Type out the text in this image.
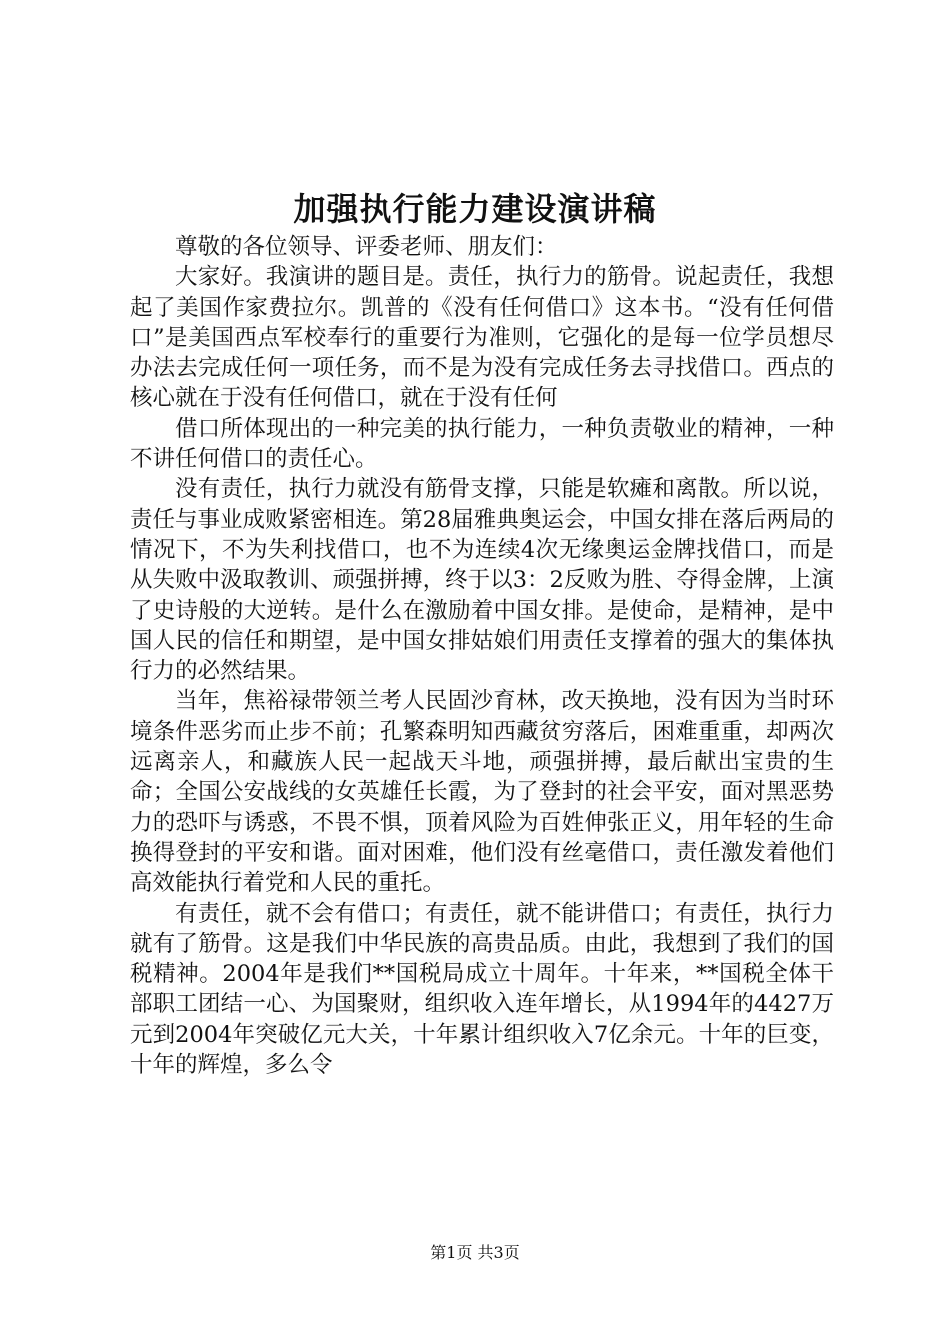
加强执行能力建设演讲稿

尊敬的各位领导、评委老师、朋友们：

大家好。我演讲的题目是。责任，执行力的筋骨。说起责任，我想起了美国作家费拉尔。凯普的《没有任何借口》这本书。“没有任何借口”是美国西点军校奉行的重要行为准则，它强化的是每一位学员想尽办法去完成任何一项任务，而不是为没有完成任务去寻找借口。西点的核心就在于没有任何借口，就在于没有任何

借口所体现出的一种完美的执行能力，一种负责敬业的精神，一种不讲任何借口的责任心。

没有责任，执行力就没有筋骨支撑，只能是软瘫和离散。所以说，责任与事业成败紧密相连。第28届雅典奥运会，中国女排在落后两局的情况下，不为失利找借口，也不为连续4次无缘奥运金牌找借口，而是从失败中汲取教训、顽强拼搏，终于以3：2反败为胜、夺得金牌，上演了史诗般的大逆转。是什么在激励着中国女排。是使命，是精神，是中国人民的信任和期望，是中国女排姑娘们用责任支撑着的强大的集体执行力的必然结果。

当年，焦裕禄带领兰考人民固沙育林，改天换地，没有因为当时环境条件恶劣而止步不前；孔繁森明知西藏贫穷落后，困难重重，却两次远离亲人，和藏族人民一起战天斗地，顽强拼搏，最后献出宝贵的生命；全国公安战线的女英雄任长霞，为了登封的社会平安，面对黑恶势力的恐吓与诱惑，不畏不惧，顶着风险为百姓伸张正义，用年轻的生命换得登封的平安和谐。面对困难，他们没有丝毫借口，责任激发着他们高效能执行着党和人民的重托。

有责任，就不会有借口；有责任，就不能讲借口；有责任，执行力就有了筋骨。这是我们中华民族的高贵品质。由此，我想到了我们的国税精神。2004年是我们**国税局成立十周年。十年来，**国税全体干部职工团结一心、为国聚财，组织收入连年增长，从1994年的4427万元到2004年突破亿元大关，十年累计组织收入7亿余元。十年的巨变，十年的辉煌，多么令

第1页 共3页
